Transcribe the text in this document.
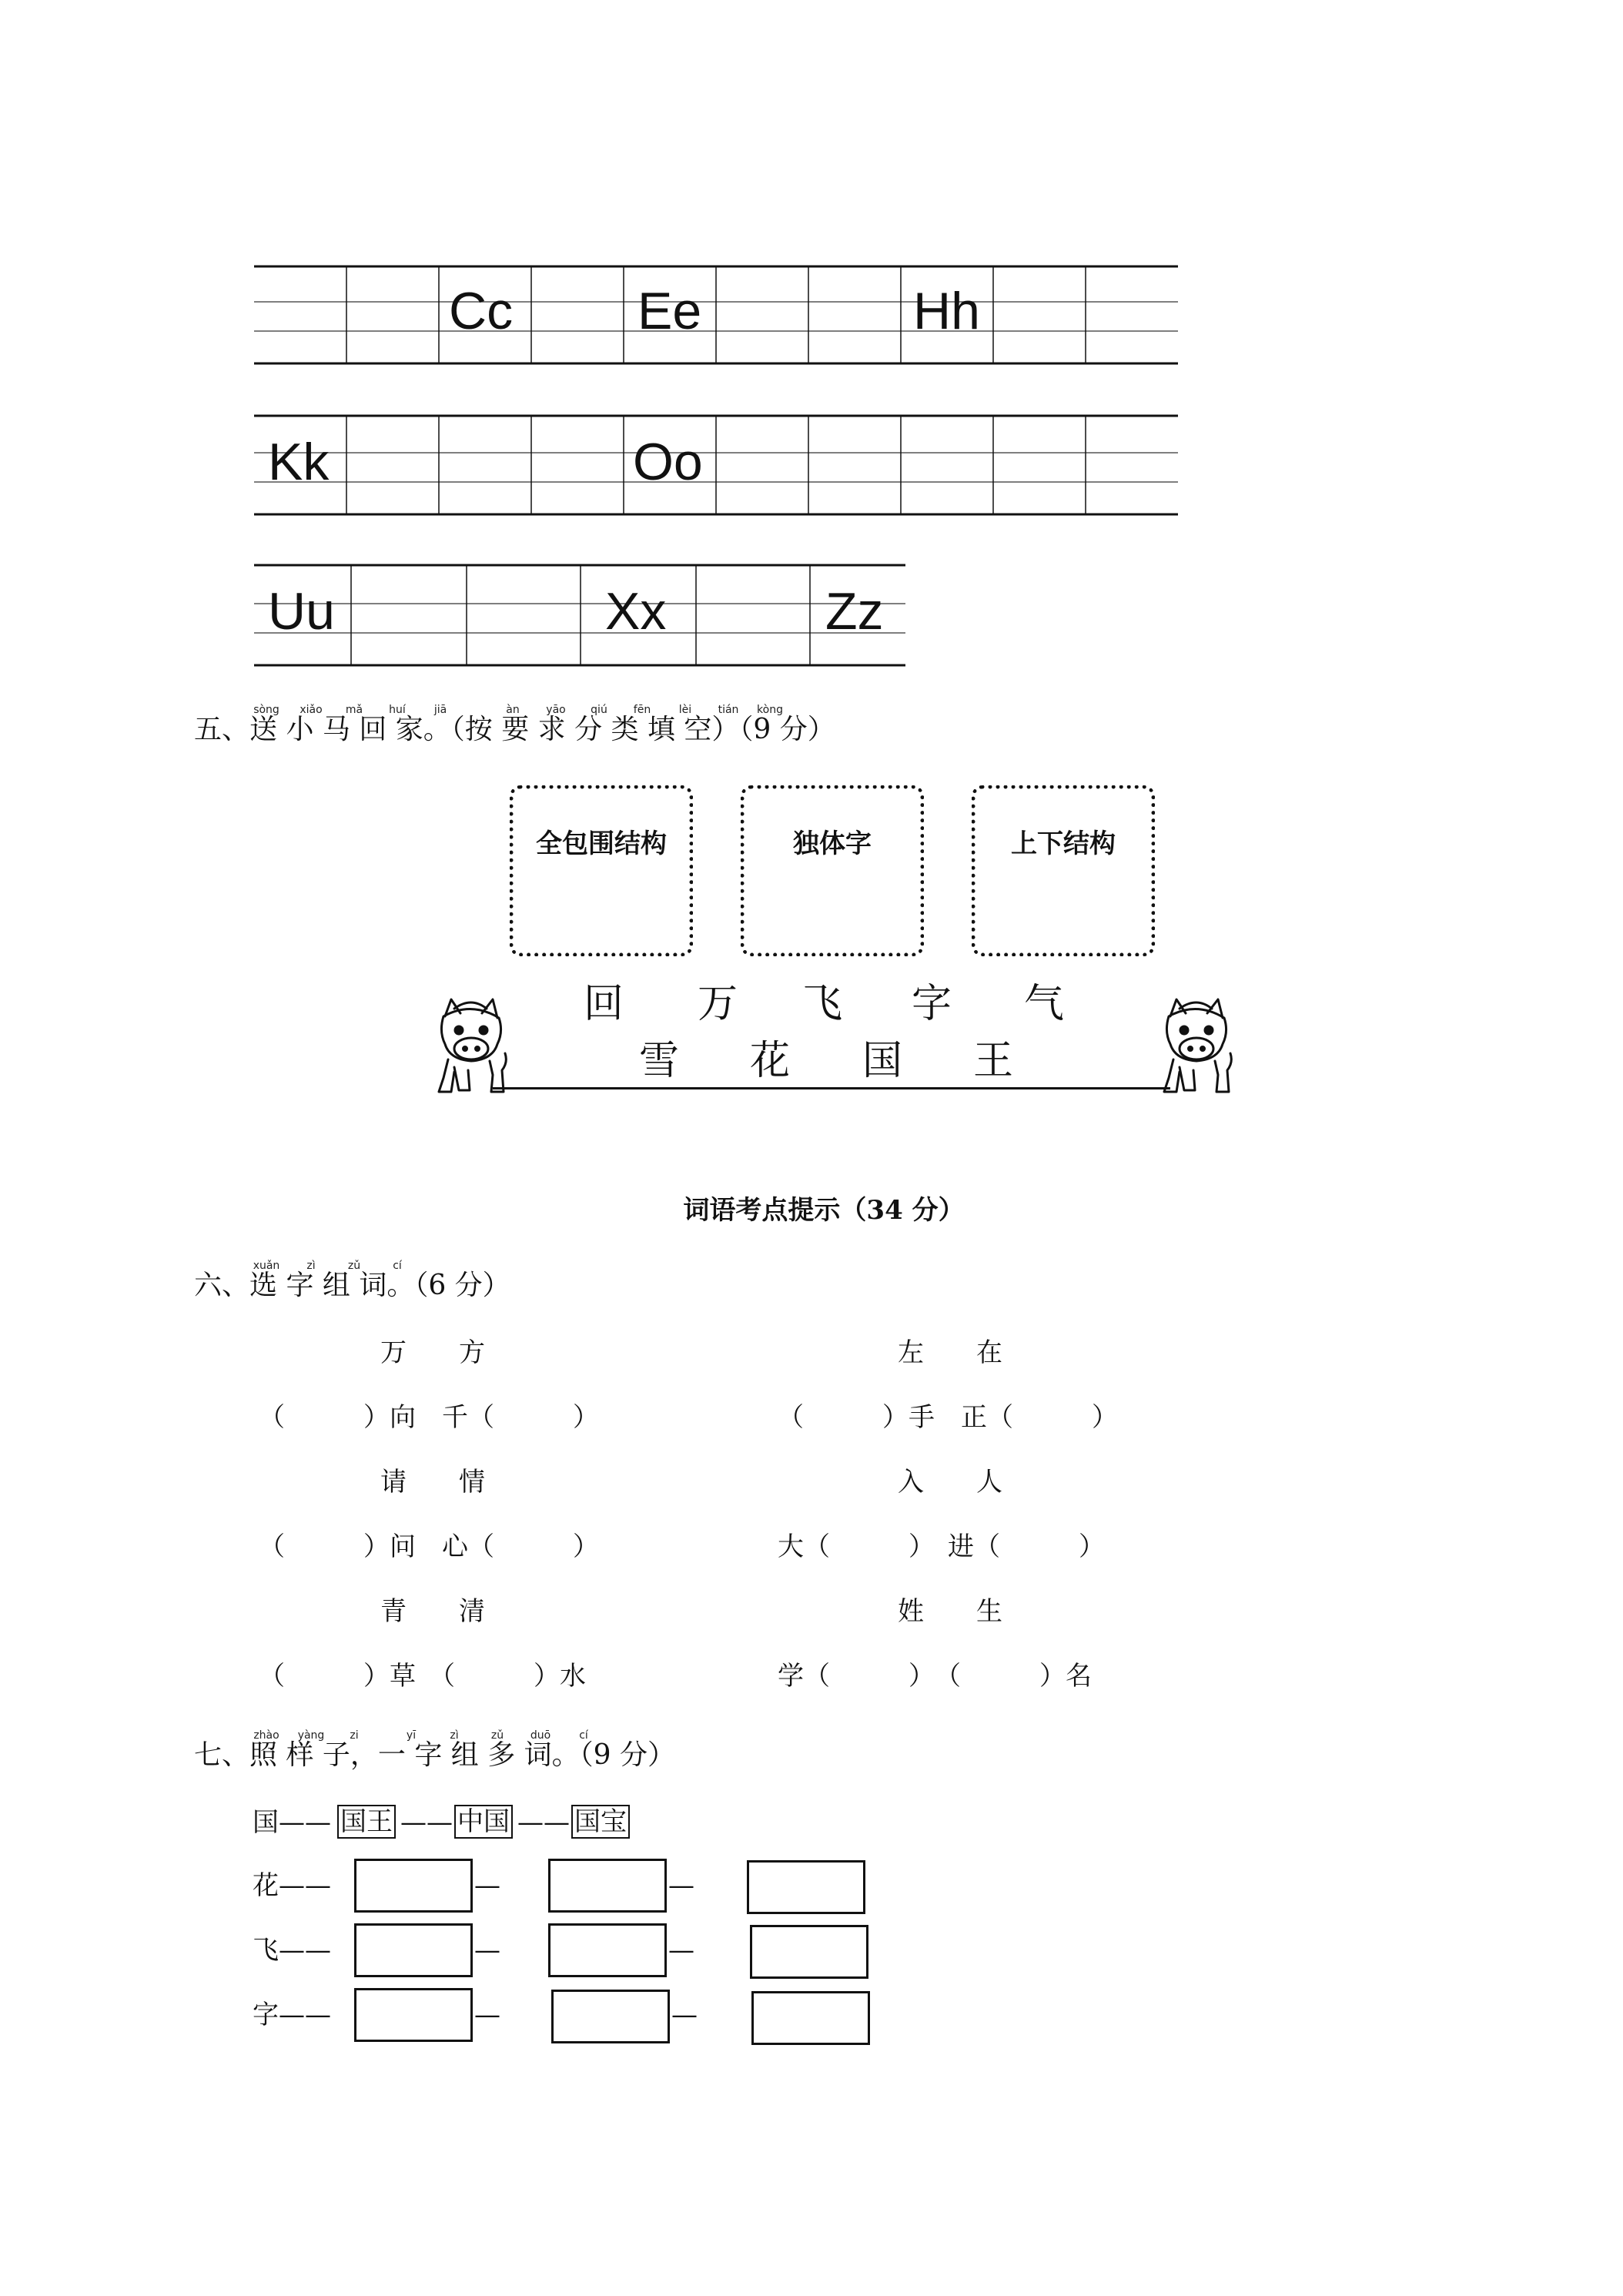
Cc Ee	Hh
Kk	Oo
Uu	Xx	Zz
sòng xiǎo mǎ huí	jiā	àn yāo qiú fēn	lèi tián kòng
五、送 小 马 回 家。（按 要 求 分 类 填 空）（9 分）
全包围结构	独体字	上下结构
回 万 飞 字 气
雪 花 国 王
词语考点提示（34 分）
xuǎn	zì	zǔ	cí
六、选 字 组 词。（6 分）
万　　方
（　　　）向　千（　　　）
请　　情
（　　　）问　心（　　　）
青　　清
（　　　）草　（　　　）水
左　　在
（　　　）手　正（　　　）
入　　人
大（　　　）　进（　　　）
姓　　生
学（　　　）　（　　　）名
zhào yàng zi	yī	zì	zǔ duō	cí
七、照 样 子，一 字 组 多 词。（9 分）
国—— 国王 —— 中国 —— 国宝
花——	—	—
飞——	—	—
字——	—	—
